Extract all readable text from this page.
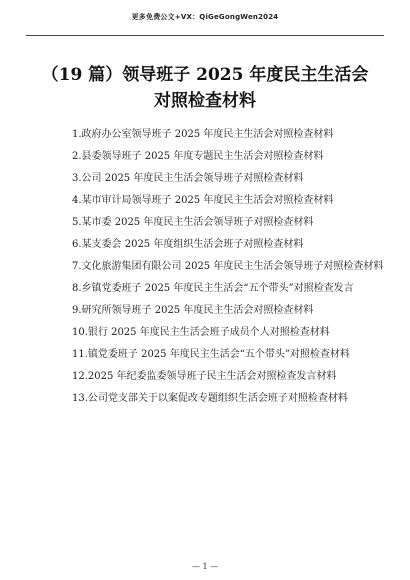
更多免费公文+VX：QiGeGongWen2024
（19 篇）领导班子 2025 年度民主生活会
对照检查材料
1.政府办公室领导班子 2025 年度民主生活会对照检查材料
2.县委领导班子 2025 年度专题民主生活会对照检查材料
3.公司 2025 年度民主生活会领导班子对照检查材料
4.某市审计局领导班子 2025 年度民主生活会对照检查材料
5.某市委 2025 年度民主生活会领导班子对照检查材料
6.某支委会 2025 年度组织生活会班子对照检查材料
7.文化旅游集团有限公司 2025 年度民主生活会领导班子对照检查材料
8.乡镇党委班子 2025 年度民主生活会“五个带头”对照检查发言
9.研究所领导班子 2025 年度民主生活会对照检查材料
10.银行 2025 年度民主生活会班子成员个人对照检查材料
11.镇党委班子 2025 年度民主生活会“五个带头”对照检查材料
12.2025 年纪委监委领导班子民主生活会对照检查发言材料
13.公司党支部关于以案促改专题组织生活会班子对照检查材料
— 1 —
